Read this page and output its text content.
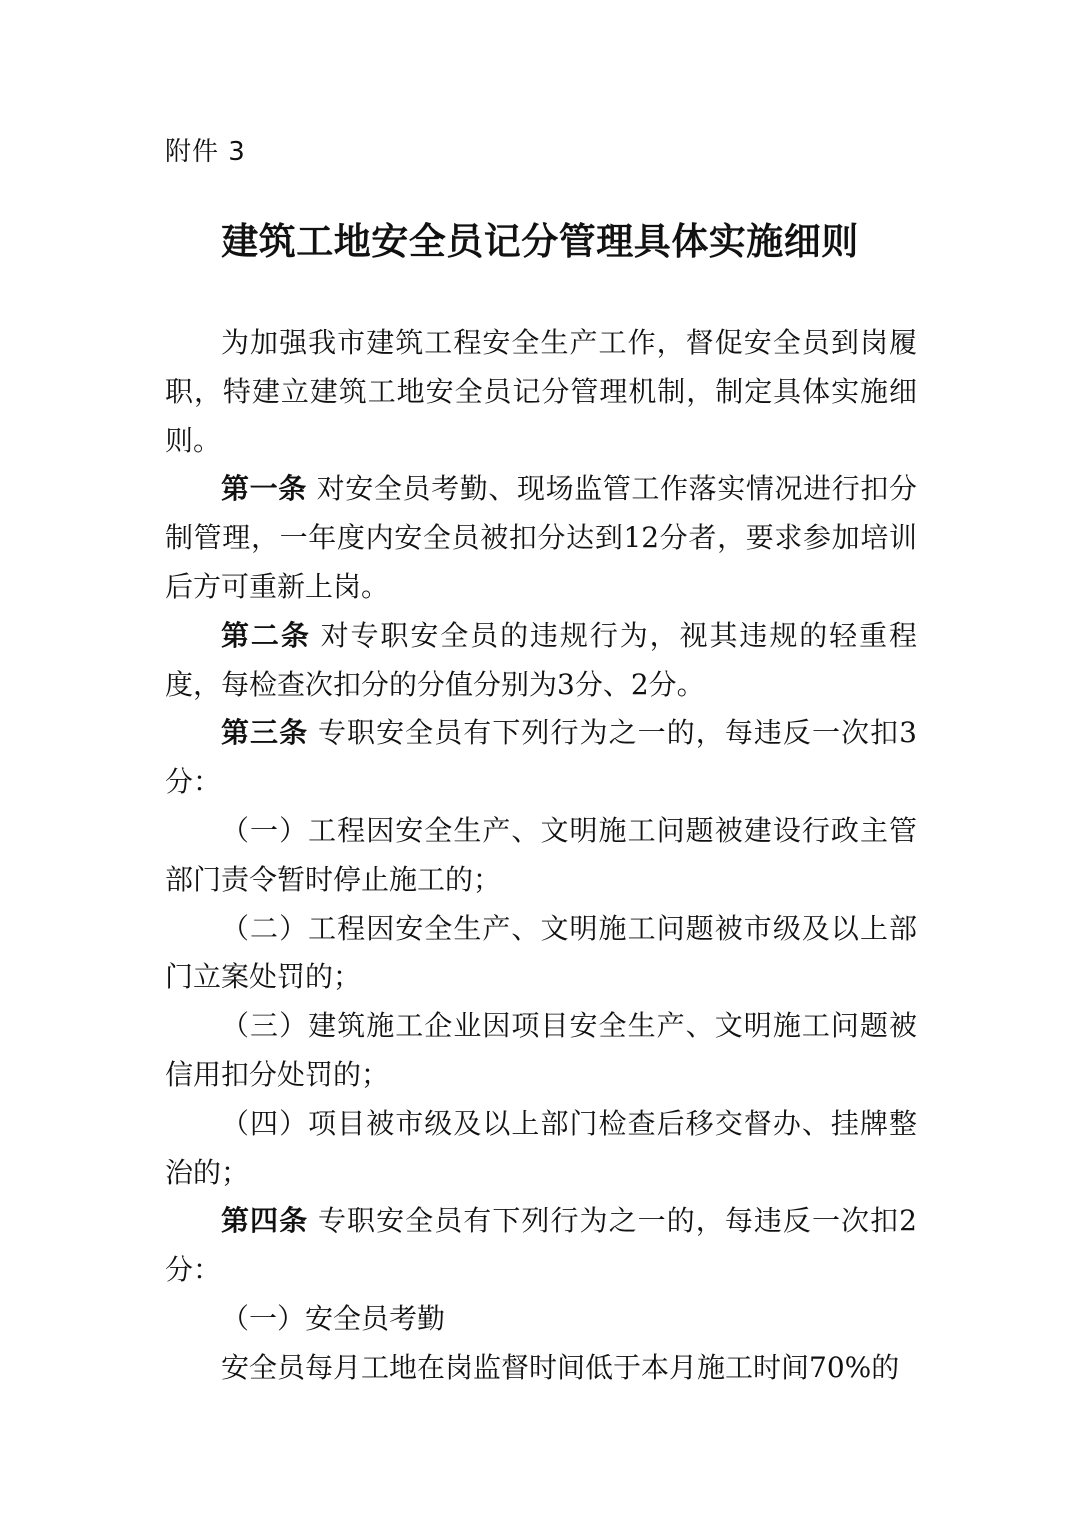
附件 3
建筑工地安全员记分管理具体实施细则

为加强我市建筑工程安全生产工作，督促安全员到岗履职，特建立建筑工地安全员记分管理机制，制定具体实施细则。

第一条 对安全员考勤、现场监管工作落实情况进行扣分制管理，一年度内安全员被扣分达到12分者，要求参加培训后方可重新上岗。

第二条 对专职安全员的违规行为，视其违规的轻重程度，每检查次扣分的分值分别为3分、2分。

第三条 专职安全员有下列行为之一的，每违反一次扣3分：

（一）工程因安全生产、文明施工问题被建设行政主管部门责令暂时停止施工的；

（二）工程因安全生产、文明施工问题被市级及以上部门立案处罚的；

（三）建筑施工企业因项目安全生产、文明施工问题被信用扣分处罚的；

（四）项目被市级及以上部门检查后移交督办、挂牌整治的；

第四条 专职安全员有下列行为之一的，每违反一次扣2分：

（一）安全员考勤

安全员每月工地在岗监督时间低于本月施工时间70%的
